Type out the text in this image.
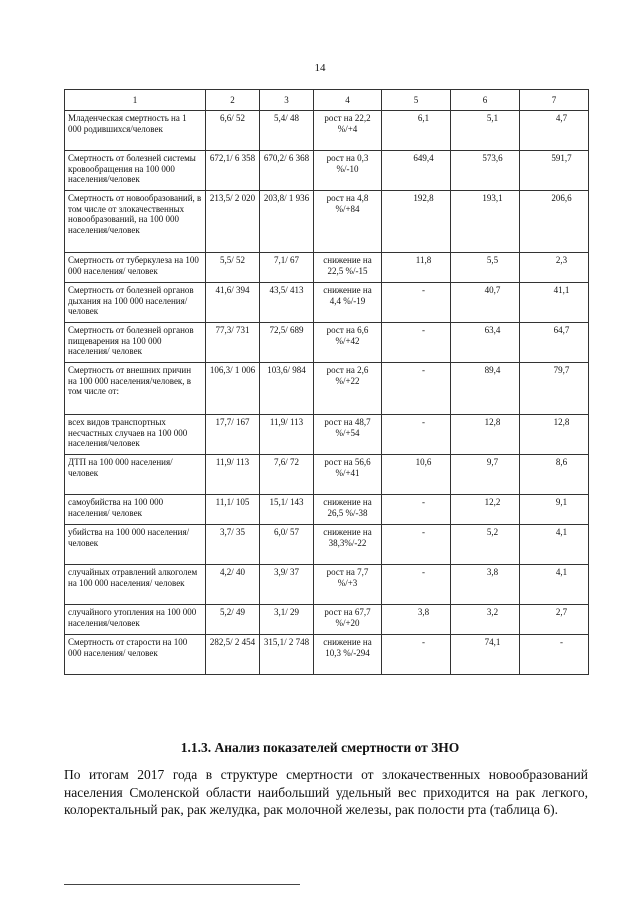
14
1	2	3	4	5	6	7
Младенческая смертность на 1 000 родившихся/человек	6,6/ 52	5,4/ 48	рост на 22,2 %/+4	6,1	5,1	4,7
Смертность от болезней системы кровообращения на 100 000 населения/человек	672,1/ 6 358	670,2/ 6 368	рост на 0,3 %/-10	649,4	573,6	591,7
Смертность от новообразований, в том числе от злокачественных новообразований, на 100 000 населения/человек	213,5/ 2 020	203,8/ 1 936	рост на 4,8 %/+84	192,8	193,1	206,6
Смертность от туберкулеза на 100 000 населения/ человек	5,5/ 52	7,1/ 67	снижение на 22,5 %/-15	11,8	5,5	2,3
Смертность от болезней органов дыхания на 100 000 населения/ человек	41,6/ 394	43,5/ 413	снижение на 4,4 %/-19	-	40,7	41,1
Смертность от болезней органов пищеварения на 100 000 населения/ человек	77,3/ 731	72,5/ 689	рост на 6,6 %/+42	-	63,4	64,7
Смертность от внешних причин на 100 000 населения/человек, в том числе от:	106,3/ 1 006	103,6/ 984	рост на 2,6 %/+22	-	89,4	79,7
всех видов транспортных несчастных случаев на 100 000 населения/человек	17,7/ 167	11,9/ 113	рост на 48,7 %/+54	-	12,8	12,8
ДТП на 100 000 населения/человек	11,9/ 113	7,6/ 72	рост на 56,6 %/+41	10,6	9,7	8,6
самоубийства на 100 000 населения/ человек	11,1/ 105	15,1/ 143	снижение на 26,5 %/-38	-	12,2	9,1
убийства на 100 000 населения/ человек	3,7/ 35	6,0/ 57	снижение на 38,3%/-22	-	5,2	4,1
случайных отравлений алкоголем на 100 000 населения/ человек	4,2/ 40	3,9/ 37	рост на 7,7 %/+3	-	3,8	4,1
случайного утопления на 100 000 населения/человек	5,2/ 49	3,1/ 29	рост на 67,7 %/+20	3,8	3,2	2,7
Смертность от старости на 100 000 населения/ человек	282,5/ 2 454	315,1/ 2 748	снижение на 10,3 %/-294	-	74,1	-
1.1.3. Анализ показателей смертности от ЗНО
По итогам 2017 года в структуре смертности от злокачественных новообразований населения Смоленской области наибольший удельный вес приходится на рак легкого, колоректальный рак, рак желудка, рак молочной железы, рак полости рта (таблица 6).
